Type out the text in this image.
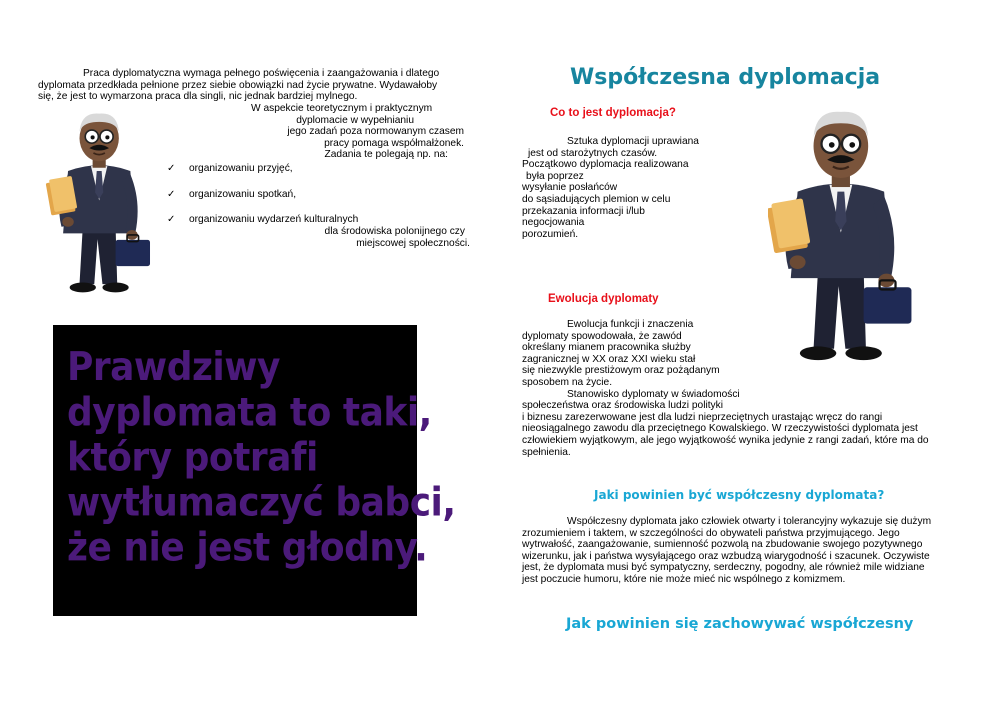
Praca dyplomatyczna wymaga pełnego poświęcenia i zaangażowania i dlatego

dyplomata przedkłada pełnione przez siebie obowiązki nad życie prywatne. Wydawałoby

się, że jest to wymarzona praca dla singli, nic jednak bardziej mylnego.

W aspekcie teoretycznym i praktycznym

dyplomacie w wypełnianiu

jego zadań poza normowanym czasem

pracy pomaga współmałżonek.

Zadania te polegają np. na:

✓ organizowaniu przyjęć,

✓ organizowaniu spotkań,

✓ organizowaniu wydarzeń kulturalnych

dla środowiska polonijnego czy

miejscowej społeczności.

Prawdziwy
dyplomata to taki,
który potrafi
wytłumaczyć babci,
że nie jest głodny.
Współczesna dyplomacja
Co to jest dyplomacja?

Sztuka dyplomacji uprawiana

jest od starożytnych czasów.

Początkowo dyplomacja realizowana

była poprzez

wysyłanie posłańców

do sąsiadujących plemion w celu

przekazania informacji i/lub

negocjowania

porozumień.

Ewolucja dyplomaty

Ewolucja funkcji i znaczenia

dyplomaty spowodowała, że zawód

określany mianem pracownika służby

zagranicznej w XX oraz XXI wieku stał

się niezwykle prestiżowym oraz pożądanym

sposobem na życie.

Stanowisko dyplomaty w świadomości

społeczeństwa oraz środowiska ludzi polityki

i biznesu zarezerwowane jest dla ludzi nieprzeciętnych urastając wręcz do rangi

nieosiągalnego zawodu dla przeciętnego Kowalskiego. W rzeczywistości dyplomata jest

człowiekiem wyjątkowym, ale jego wyjątkowość wynika jedynie z rangi zadań, które ma do

spełnienia.

Jaki powinien być współczesny dyplomata?

Współczesny dyplomata jako człowiek otwarty i tolerancyjny wykazuje się dużym

zrozumieniem i taktem, w szczególności do obywateli państwa przyjmującego. Jego

wytrwałość, zaangażowanie, sumienność pozwolą na zbudowanie swojego pozytywnego

wizerunku, jak i państwa wysyłającego oraz wzbudzą wiarygodność i szacunek. Oczywiste

jest, że dyplomata musi być sympatyczny, serdeczny, pogodny, ale również mile widziane

jest poczucie humoru, które nie może mieć nic wspólnego z komizmem.

Jak powinien się zachowywać współczesny
